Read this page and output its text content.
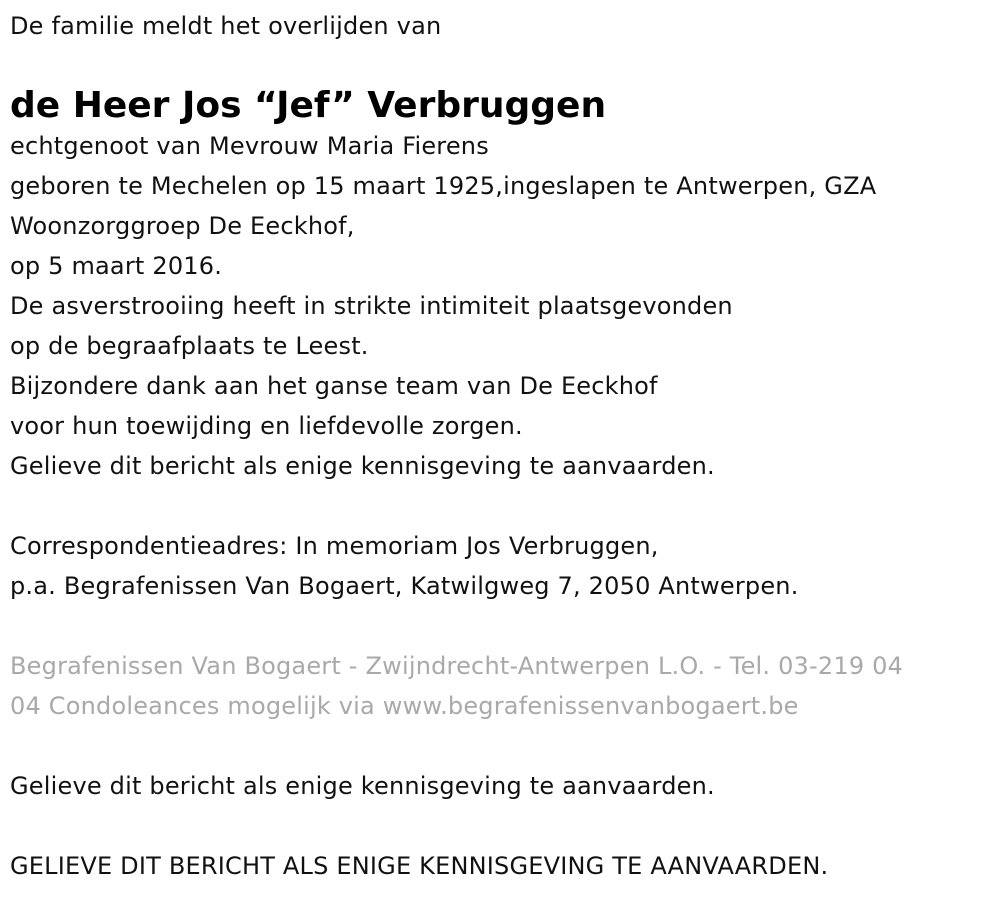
De familie meldt het overlijden van
de Heer Jos “Jef” Verbruggen
echtgenoot van Mevrouw Maria Fierens
geboren te Mechelen op 15 maart 1925,ingeslapen te Antwerpen, GZA
Woonzorggroep De Eeckhof,
op 5 maart 2016.
De asverstrooiing heeft in strikte intimiteit plaatsgevonden
op de begraafplaats te Leest.
Bijzondere dank aan het ganse team van De Eeckhof
voor hun toewijding en liefdevolle zorgen.
Gelieve dit bericht als enige kennisgeving te aanvaarden.
Correspondentieadres: In memoriam Jos Verbruggen,
p.a. Begrafenissen Van Bogaert, Katwilgweg 7, 2050 Antwerpen.
Begrafenissen Van Bogaert - Zwijndrecht-Antwerpen L.O. - Tel. 03-219 04
04 Condoleances mogelijk via www.begrafenissenvanbogaert.be
Gelieve dit bericht als enige kennisgeving te aanvaarden.
GELIEVE DIT BERICHT ALS ENIGE KENNISGEVING TE AANVAARDEN.
